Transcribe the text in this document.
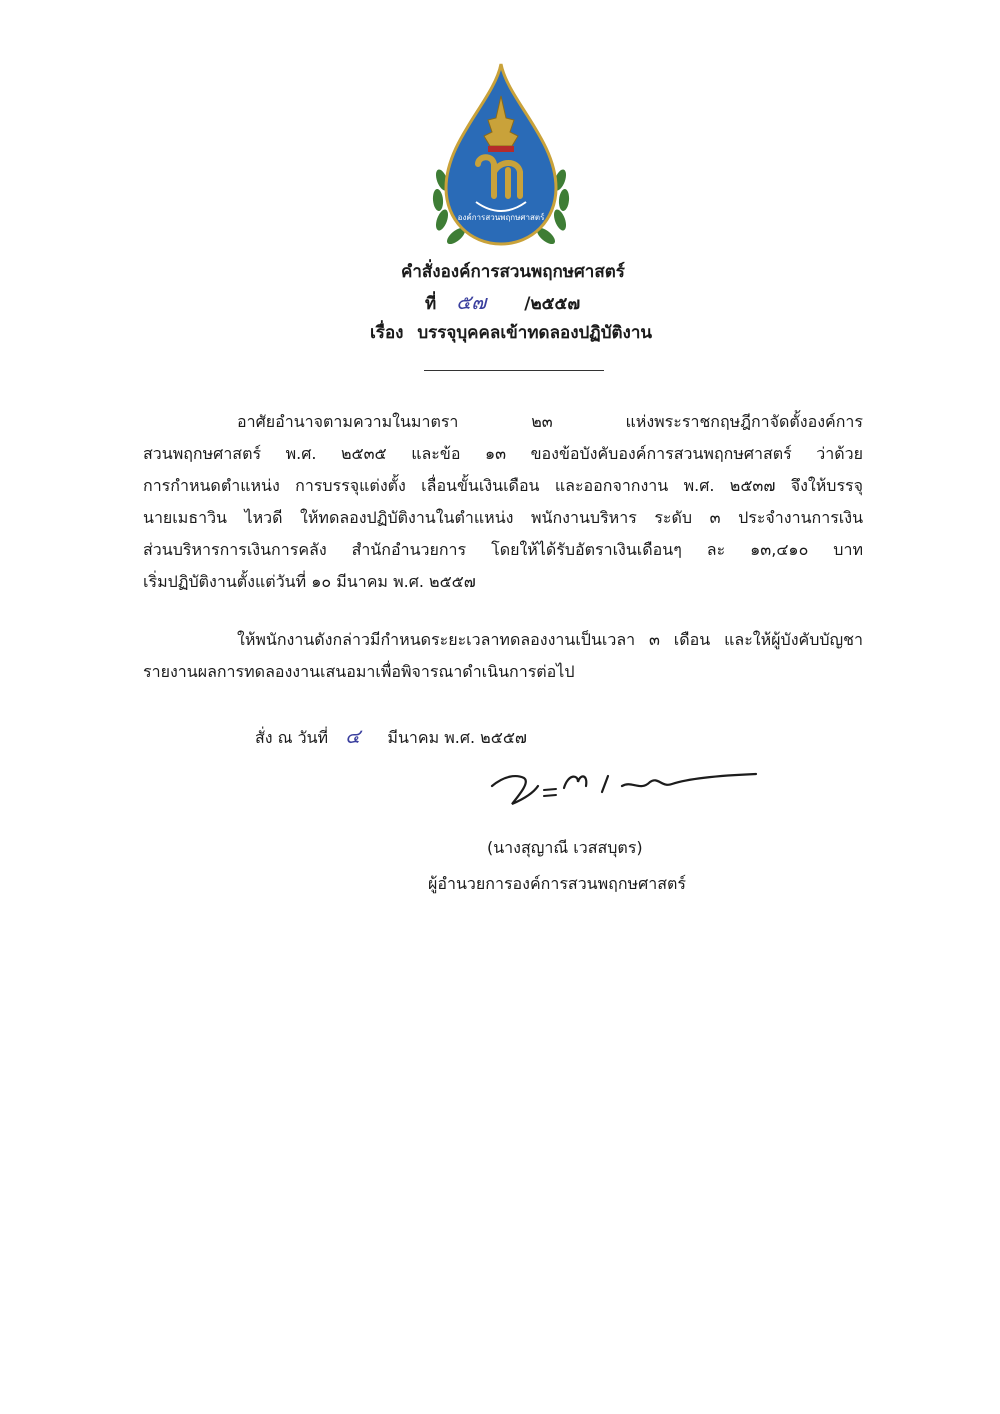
องค์การสวนพฤกษศาสตร์
คำสั่งองค์การสวนพฤกษศาสตร์
ที่ ๕๗ /๒๕๕๗
เรื่อง บรรจุบุคคลเข้าทดลองปฏิบัติงาน
อาศัยอำนาจตามความในมาตรา ๒๓ แห่งพระราชกฤษฎีกาจัดตั้งองค์การ
สวนพฤกษศาสตร์ พ.ศ. ๒๕๓๕ และข้อ ๑๓ ของข้อบังคับองค์การสวนพฤกษศาสตร์ ว่าด้วย
การกำหนดตำแหน่ง การบรรจุแต่งตั้ง เลื่อนขั้นเงินเดือน และออกจากงาน พ.ศ. ๒๕๓๗ จึงให้บรรจุ
นายเมธาวิน ไหวดี ให้ทดลองปฏิบัติงานในตำแหน่ง พนักงานบริหาร ระดับ ๓ ประจำงานการเงิน
ส่วนบริหารการเงินการคลัง สำนักอำนวยการ โดยให้ได้รับอัตราเงินเดือนๆ ละ ๑๓,๔๑๐ บาท
เริ่มปฏิบัติงานตั้งแต่วันที่ ๑๐ มีนาคม พ.ศ. ๒๕๕๗
ให้พนักงานดังกล่าวมีกำหนดระยะเวลาทดลองงานเป็นเวลา ๓ เดือน และให้ผู้บังคับบัญชา
รายงานผลการทดลองงานเสนอมาเพื่อพิจารณาดำเนินการต่อไป
สั่ง ณ วันที่ ๔ มีนาคม พ.ศ. ๒๕๕๗
(นางสุญาณี เวสสบุตร)
ผู้อำนวยการองค์การสวนพฤกษศาสตร์
